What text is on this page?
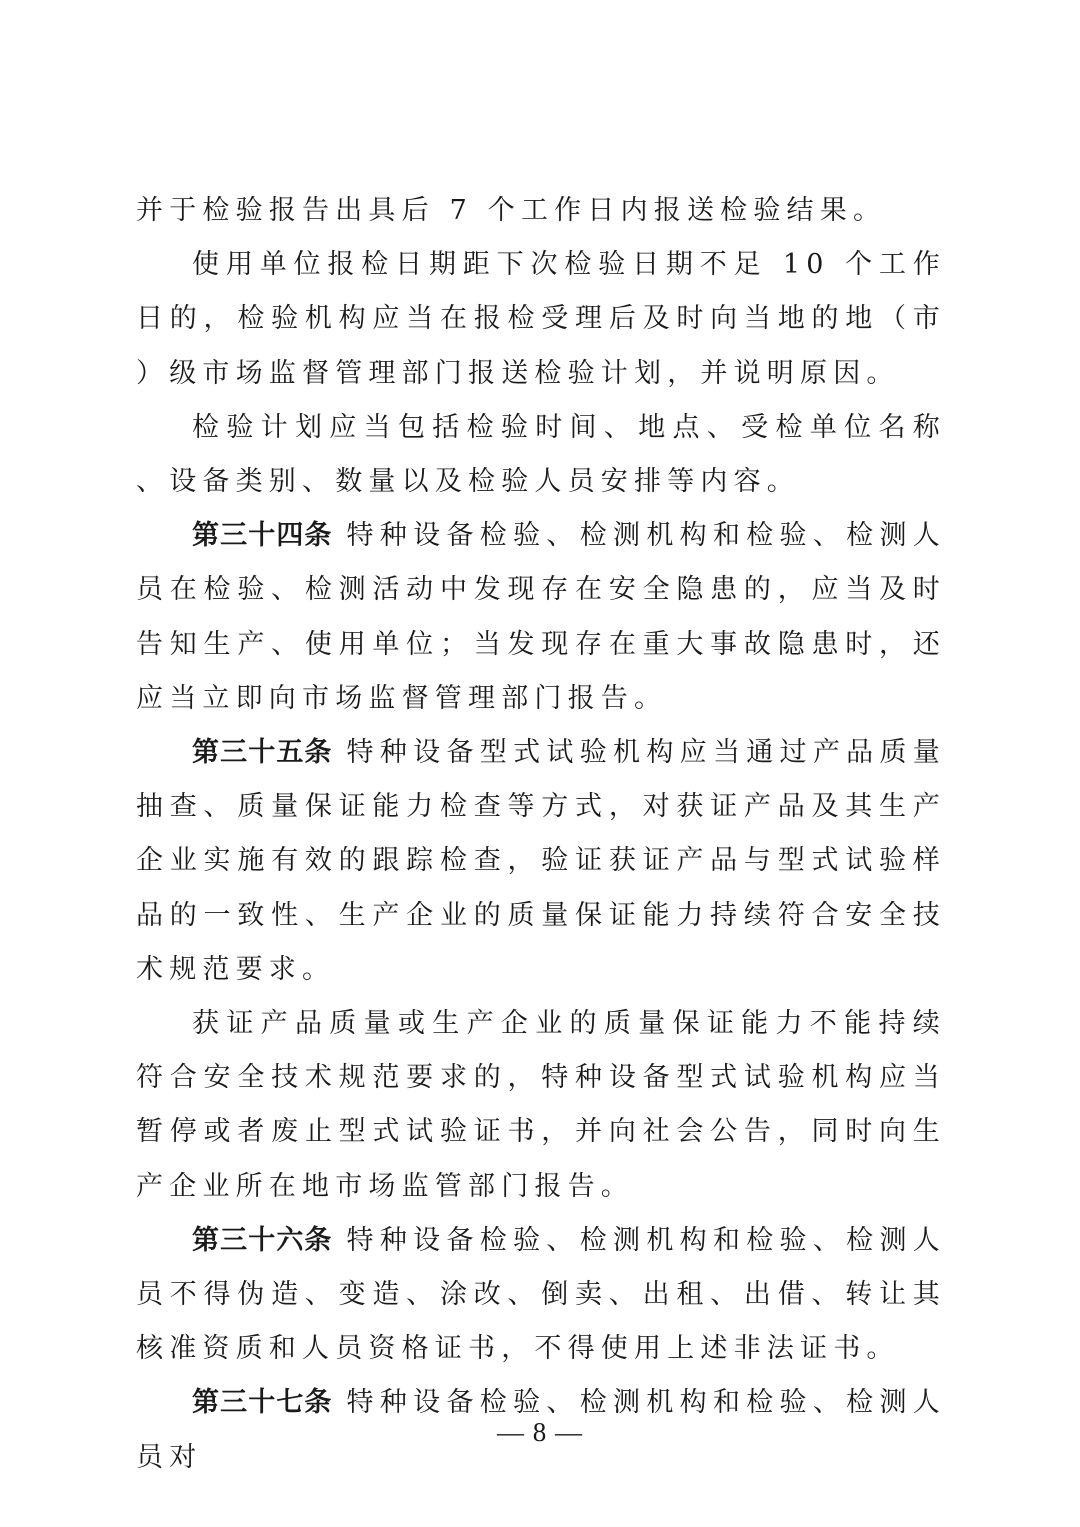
并于检验报告出具后 7 个工作日内报送检验结果。

使用单位报检日期距下次检验日期不足 10 个工作日的，检验机构应当在报检受理后及时向当地的地（市）级市场监督管理部门报送检验计划，并说明原因。

检验计划应当包括检验时间、地点、受检单位名称、设备类别、数量以及检验人员安排等内容。

第三十四条 特种设备检验、检测机构和检验、检测人员在检验、检测活动中发现存在安全隐患的，应当及时告知生产、使用单位；当发现存在重大事故隐患时，还应当立即向市场监督管理部门报告。

第三十五条 特种设备型式试验机构应当通过产品质量抽查、质量保证能力检查等方式，对获证产品及其生产企业实施有效的跟踪检查，验证获证产品与型式试验样品的一致性、生产企业的质量保证能力持续符合安全技术规范要求。

获证产品质量或生产企业的质量保证能力不能持续符合安全技术规范要求的，特种设备型式试验机构应当暂停或者废止型式试验证书，并向社会公告，同时向生产企业所在地市场监管部门报告。

第三十六条 特种设备检验、检测机构和检验、检测人员不得伪造、变造、涂改、倒卖、出租、出借、转让其核准资质和人员资格证书，不得使用上述非法证书。

第三十七条 特种设备检验、检测机构和检验、检测人员对

— 8 —
